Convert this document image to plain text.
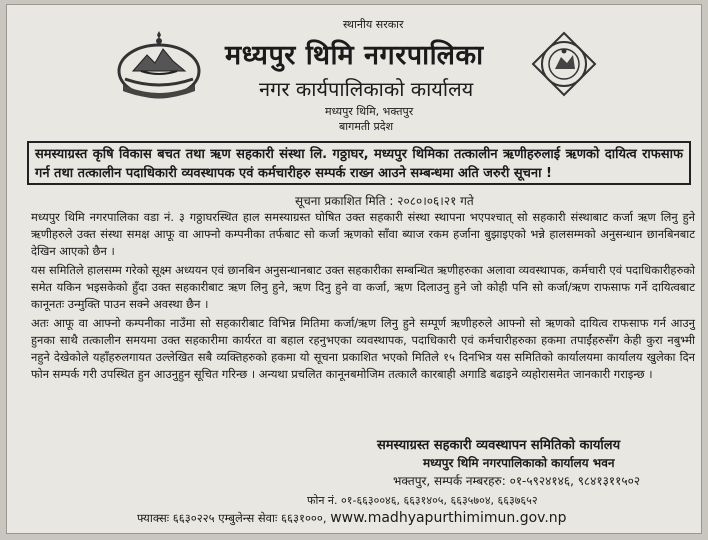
स्थानीय सरकार
मध्यपुर थिमि नगरपालिका
नगर कार्यपालिकाको कार्यालय
मध्यपुर थिमि, भक्तपुर
बागमती प्रदेश
समस्याग्रस्त कृषि विकास बचत तथा ऋण सहकारी संस्था लि. गठ्ठाघर, मध्यपुर थिमिका तत्कालीन ऋणीहरुलाई ऋणको दायित्व राफसाफ गर्न तथा तत्कालीन पदाधिकारी व्यवस्थापक एवं कर्मचारीहरु सम्पर्क राख्न आउने सम्बन्धमा अति जरुरी सूचना !
सूचना प्रकाशित मिति : २०८०।०६।२१ गते

मध्यपुर थिमि नगरपालिका वडा नं. ३ गठ्ठाघरस्थित हाल समस्याग्रस्त घोषित उक्त सहकारी संस्था स्थापना भएपश्चात् सो सहकारी संस्थाबाट कर्जा ऋण लिनु हुने ऋणीहरुले उक्त संस्था समक्ष आफू वा आफ्नो कम्पनीका तर्फबाट सो कर्जा ऋणको साँवा ब्याज रकम हर्जाना बुझाइएको भन्ने हालसम्मको अनुसन्धान छानबिनबाट देखिन आएको छैन ।

यस समितिले हालसम्म गरेको सूक्ष्म अध्ययन एवं छानबिन अनुसन्धानबाट उक्त सहकारीका सम्बन्धित ऋणीहरुका अलावा व्यवस्थापक, कर्मचारी एवं पदाधिकारीहरुको समेत यकिन भइसकेको हुँदा उक्त सहकारीबाट ऋण लिनु हुने, ऋण दिनु हुने वा कर्जा, ऋण दिलाउनु हुने जो कोही पनि सो कर्जा/ऋण राफसाफ गर्ने दायित्वबाट कानूनतः उन्मुक्ति पाउन सक्ने अवस्था छैन ।

अतः आफू वा आफ्नो कम्पनीका नाउँमा सो सहकारीबाट विभिन्न मितिमा कर्जा/ऋण लिनु हुने सम्पूर्ण ऋणीहरुले आफ्नो सो ऋणको दायित्व राफसाफ गर्न आउनु हुनका साथै तत्कालीन समयमा उक्त सहकारीमा कार्यरत वा बहाल रहनुभएका व्यवस्थापक, पदाधिकारी एवं कर्मचारीहरुका हकमा तपाईंहरुसँग केही कुरा नबुभ्मी नहुने देखेकोले यहाँहरुलगायत उल्लेखित सबै व्यक्तिहरुको हकमा यो सूचना प्रकाशित भएको मितिले १५ दिनभित्र यस समितिको कार्यालयमा कार्यालय खुलेका दिन फोन सम्पर्क गरी उपस्थित हुन आउनुहुन सूचित गरिन्छ । अन्यथा प्रचलित कानूनबमोजिम तत्कालै कारबाही अगाडि बढाइने व्यहोरासमेत जानकारी गराइन्छ ।

समस्याग्रस्त सहकारी व्यवस्थापन समितिको कार्यालय
मध्यपुर थिमि नगरपालिकाको कार्यालय भवन
भक्तपुर, सम्पर्क नम्बरहरु: ०१-५९२४१४६, ९८४१३११५०२
फोन नं. ०१-६६३००४६, ६६३१४०५, ६६३५७०४, ६६३७६५२
फ्याक्सः ६६३०२२५ एम्बुलेन्स सेवाः ६६३१०००, www.madhyapurthimimun.gov.np
